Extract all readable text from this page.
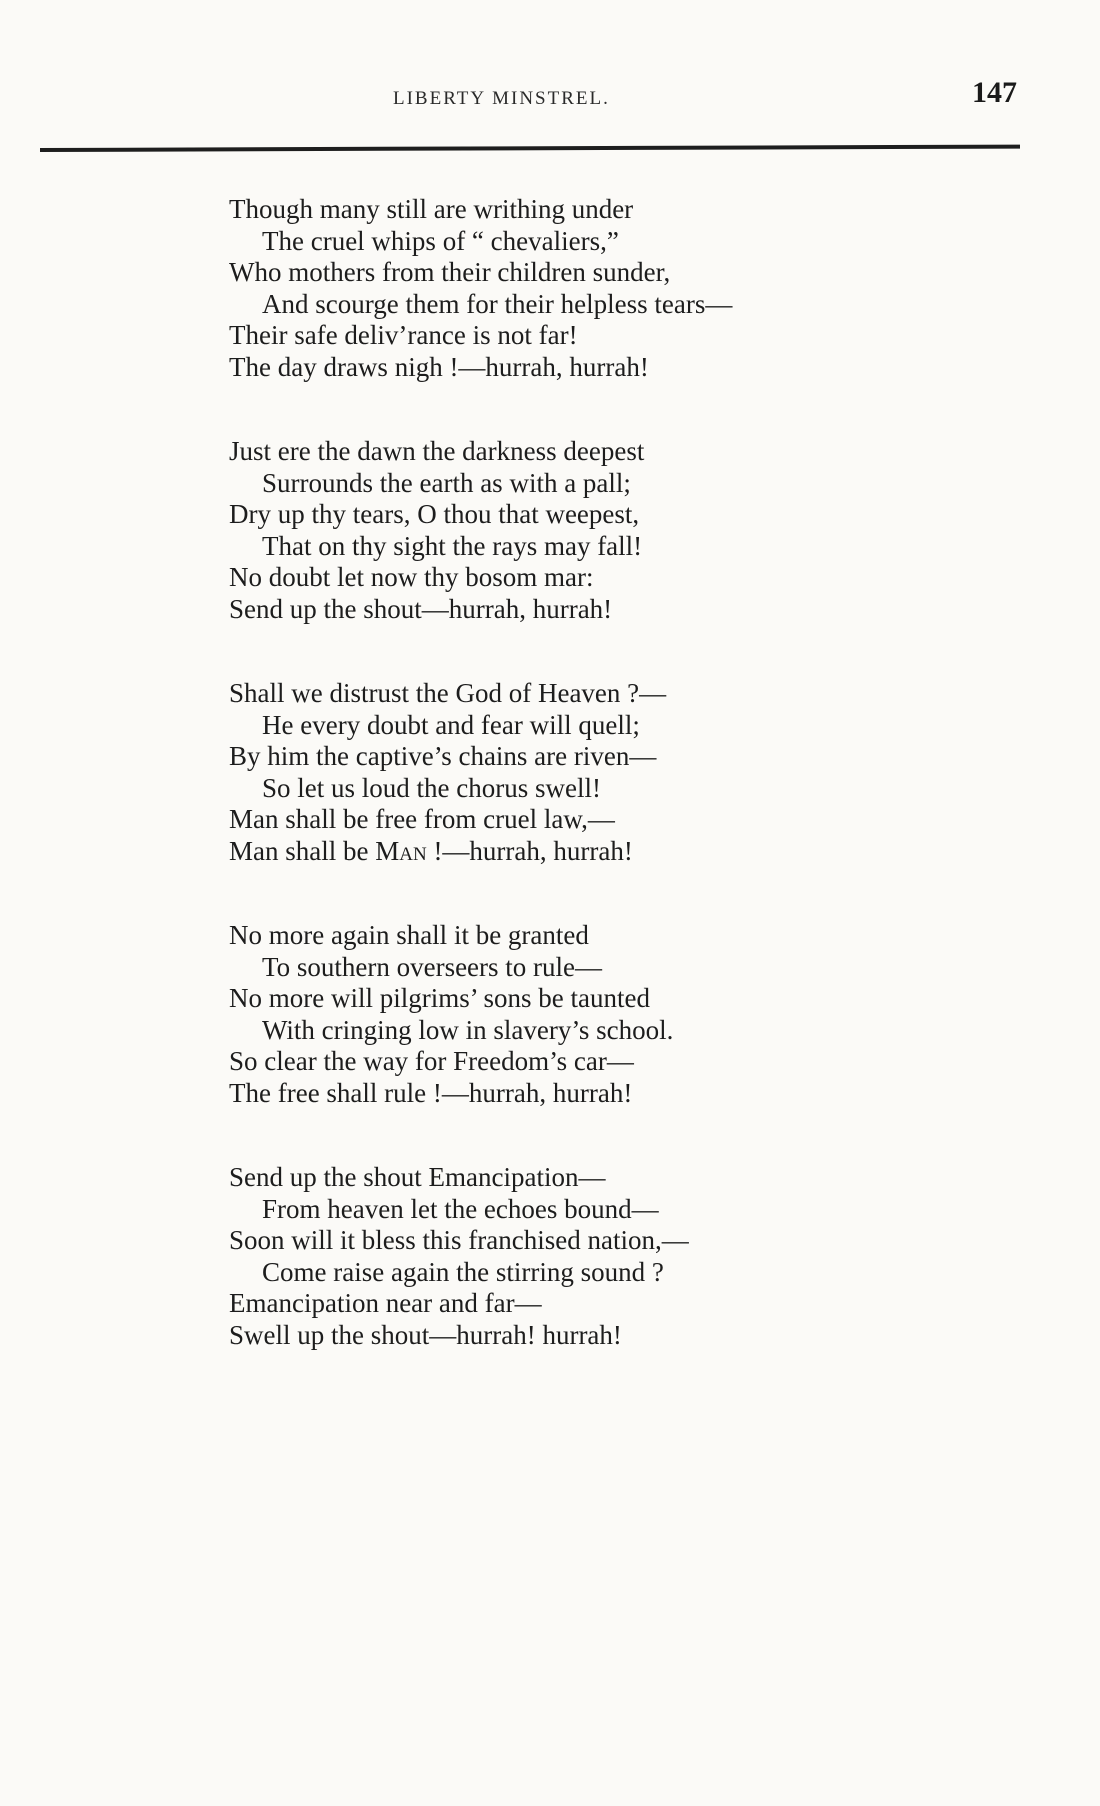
LIBERTY MINSTREL.	147
Though many still are writhing under
The cruel whips of “ chevaliers,”
Who mothers from their children sunder,
And scourge them for their helpless tears—
Their safe deliv’rance is not far!
The day draws nigh !—hurrah, hurrah!
Just ere the dawn the darkness deepest
Surrounds the earth as with a pall;
Dry up thy tears, O thou that weepest,
That on thy sight the rays may fall!
No doubt let now thy bosom mar:
Send up the shout—hurrah, hurrah!
Shall we distrust the God of Heaven ?—
He every doubt and fear will quell;
By him the captive’s chains are riven—
So let us loud the chorus swell!
Man shall be free from cruel law,—
Man shall be Man !—hurrah, hurrah!
No more again shall it be granted
To southern overseers to rule—
No more will pilgrims’ sons be taunted
With cringing low in slavery’s school.
So clear the way for Freedom’s car—
The free shall rule !—hurrah, hurrah!
Send up the shout Emancipation—
From heaven let the echoes bound—
Soon will it bless this franchised nation,—
Come raise again the stirring sound ?
Emancipation near and far—
Swell up the shout—hurrah! hurrah!
